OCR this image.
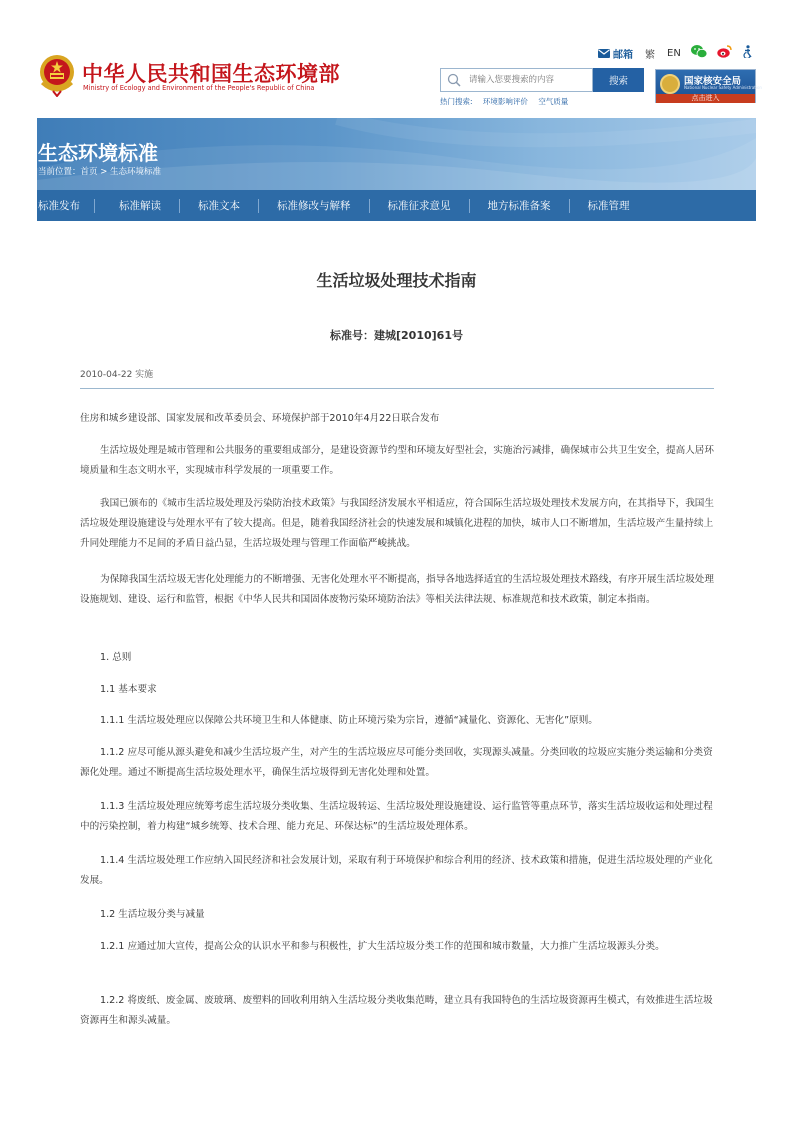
中华人民共和国生态环境部
Ministry of Ecology and Environment of the People's Republic of China
邮箱 繁 EN
请输入您要搜索的内容
搜索
热门搜索: 环境影响评价 空气质量
国家核安全局
National Nuclear Safety Administration
点击进入
生态环境标准
当前位置：首页 > 生态环境标准
标准发布	标准解读	标准文本	标准修改与解释	标准征求意见	地方标准备案	标准管理
生活垃圾处理技术指南
标准号：建城[2010]61号
2010-04-22 实施

住房和城乡建设部、国家发展和改革委员会、环境保护部于2010年4月22日联合发布

生活垃圾处理是城市管理和公共服务的重要组成部分，是建设资源节约型和环境友好型社会，实施治污减排，确保城市公共卫生安全，提高人居环境质量和生态文明水平，实现城市科学发展的一项重要工作。

我国已颁布的《城市生活垃圾处理及污染防治技术政策》与我国经济发展水平相适应，符合国际生活垃圾处理技术发展方向，在其指导下，我国生活垃圾处理设施建设与处理水平有了较大提高。但是，随着我国经济社会的快速发展和城镇化进程的加快，城市人口不断增加，生活垃圾产生量持续上升同处理能力不足间的矛盾日益凸显，生活垃圾处理与管理工作面临严峻挑战。

为保障我国生活垃圾无害化处理能力的不断增强、无害化处理水平不断提高，指导各地选择适宜的生活垃圾处理技术路线，有序开展生活垃圾处理设施规划、建设、运行和监管，根据《中华人民共和国固体废物污染环境防治法》等相关法律法规、标准规范和技术政策，制定本指南。

1. 总则

1.1 基本要求

1.1.1 生活垃圾处理应以保障公共环境卫生和人体健康、防止环境污染为宗旨，遵循“减量化、资源化、无害化”原则。

1.1.2 应尽可能从源头避免和减少生活垃圾产生，对产生的生活垃圾应尽可能分类回收，实现源头减量。分类回收的垃圾应实施分类运输和分类资源化处理。通过不断提高生活垃圾处理水平，确保生活垃圾得到无害化处理和处置。

1.1.3 生活垃圾处理应统筹考虑生活垃圾分类收集、生活垃圾转运、生活垃圾处理设施建设、运行监管等重点环节，落实生活垃圾收运和处理过程中的污染控制，着力构建“城乡统筹、技术合理、能力充足、环保达标”的生活垃圾处理体系。

1.1.4 生活垃圾处理工作应纳入国民经济和社会发展计划，采取有利于环境保护和综合利用的经济、技术政策和措施，促进生活垃圾处理的产业化发展。

1.2 生活垃圾分类与减量

1.2.1 应通过加大宣传，提高公众的认识水平和参与积极性，扩大生活垃圾分类工作的范围和城市数量，大力推广生活垃圾源头分类。

1.2.2 将废纸、废金属、废玻璃、废塑料的回收利用纳入生活垃圾分类收集范畴，建立具有我国特色的生活垃圾资源再生模式，有效推进生活垃圾资源再生和源头减量。
